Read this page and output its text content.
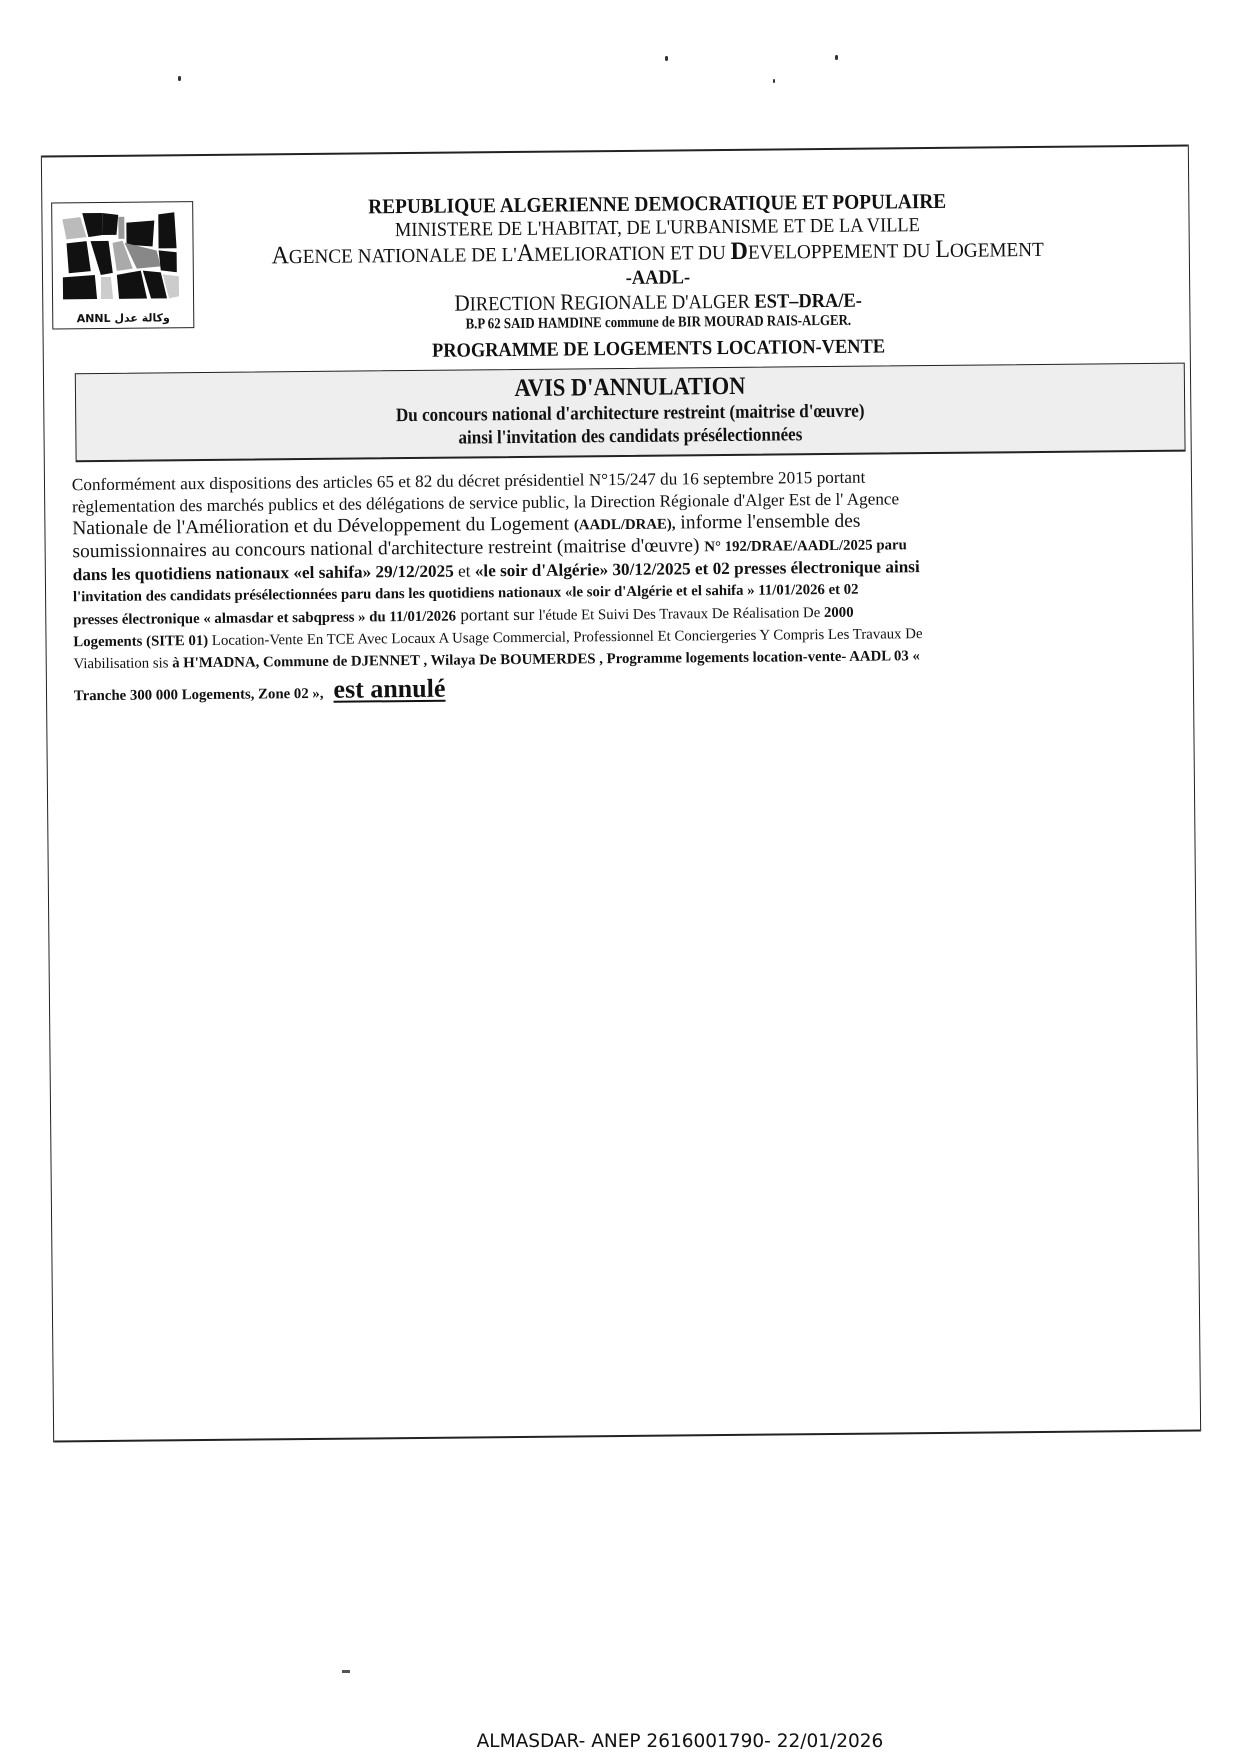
ANNL وكالة عدل
REPUBLIQUE ALGERIENNE DEMOCRATIQUE ET POPULAIRE
MINISTERE DE L'HABITAT, DE L'URBANISME ET DE LA VILLE
AGENCE NATIONALE DE L'AMELIORATION ET DU DEVELOPPEMENT DU LOGEMENT
-AADL-
DIRECTION REGIONALE D'ALGER EST–DRA/E-
B.P 62 SAID HAMDINE commune de BIR MOURAD RAIS-ALGER.
PROGRAMME DE LOGEMENTS LOCATION-VENTE
AVIS D'ANNULATION
Du concours national d'architecture restreint (maitrise d'œuvre)
ainsi l'invitation des candidats présélectionnées
Conformément aux dispositions des articles 65 et 82 du décret présidentiel N°15/247 du 16 septembre 2015 portant
règlementation des marchés publics et des délégations de service public, la Direction Régionale d'Alger Est de l' Agence
Nationale de l'Amélioration et du Développement du Logement (AADL/DRAE), informe l'ensemble des
soumissionnaires au concours national d'architecture restreint (maitrise d'œuvre) N° 192/DRAE/AADL/2025 paru
dans les quotidiens nationaux «el sahifa» 29/12/2025 et «le soir d'Algérie» 30/12/2025 et 02 presses électronique ainsi
l'invitation des candidats présélectionnées paru dans les quotidiens nationaux «le soir d'Algérie et el sahifa » 11/01/2026 et 02
presses électronique « almasdar et sabqpress » du 11/01/2026 portant sur l'étude Et Suivi Des Travaux De Réalisation De 2000
Logements (SITE 01) Location-Vente En TCE Avec Locaux A Usage Commercial, Professionnel Et Conciergeries Y Compris Les Travaux De
Viabilisation sis à H'MADNA, Commune de DJENNET , Wilaya De BOUMERDES , Programme logements location-vente- AADL 03 «
Tranche 300 000 Logements, Zone 02 », est annulé
ALMASDAR- ANEP 2616001790- 22/01/2026
